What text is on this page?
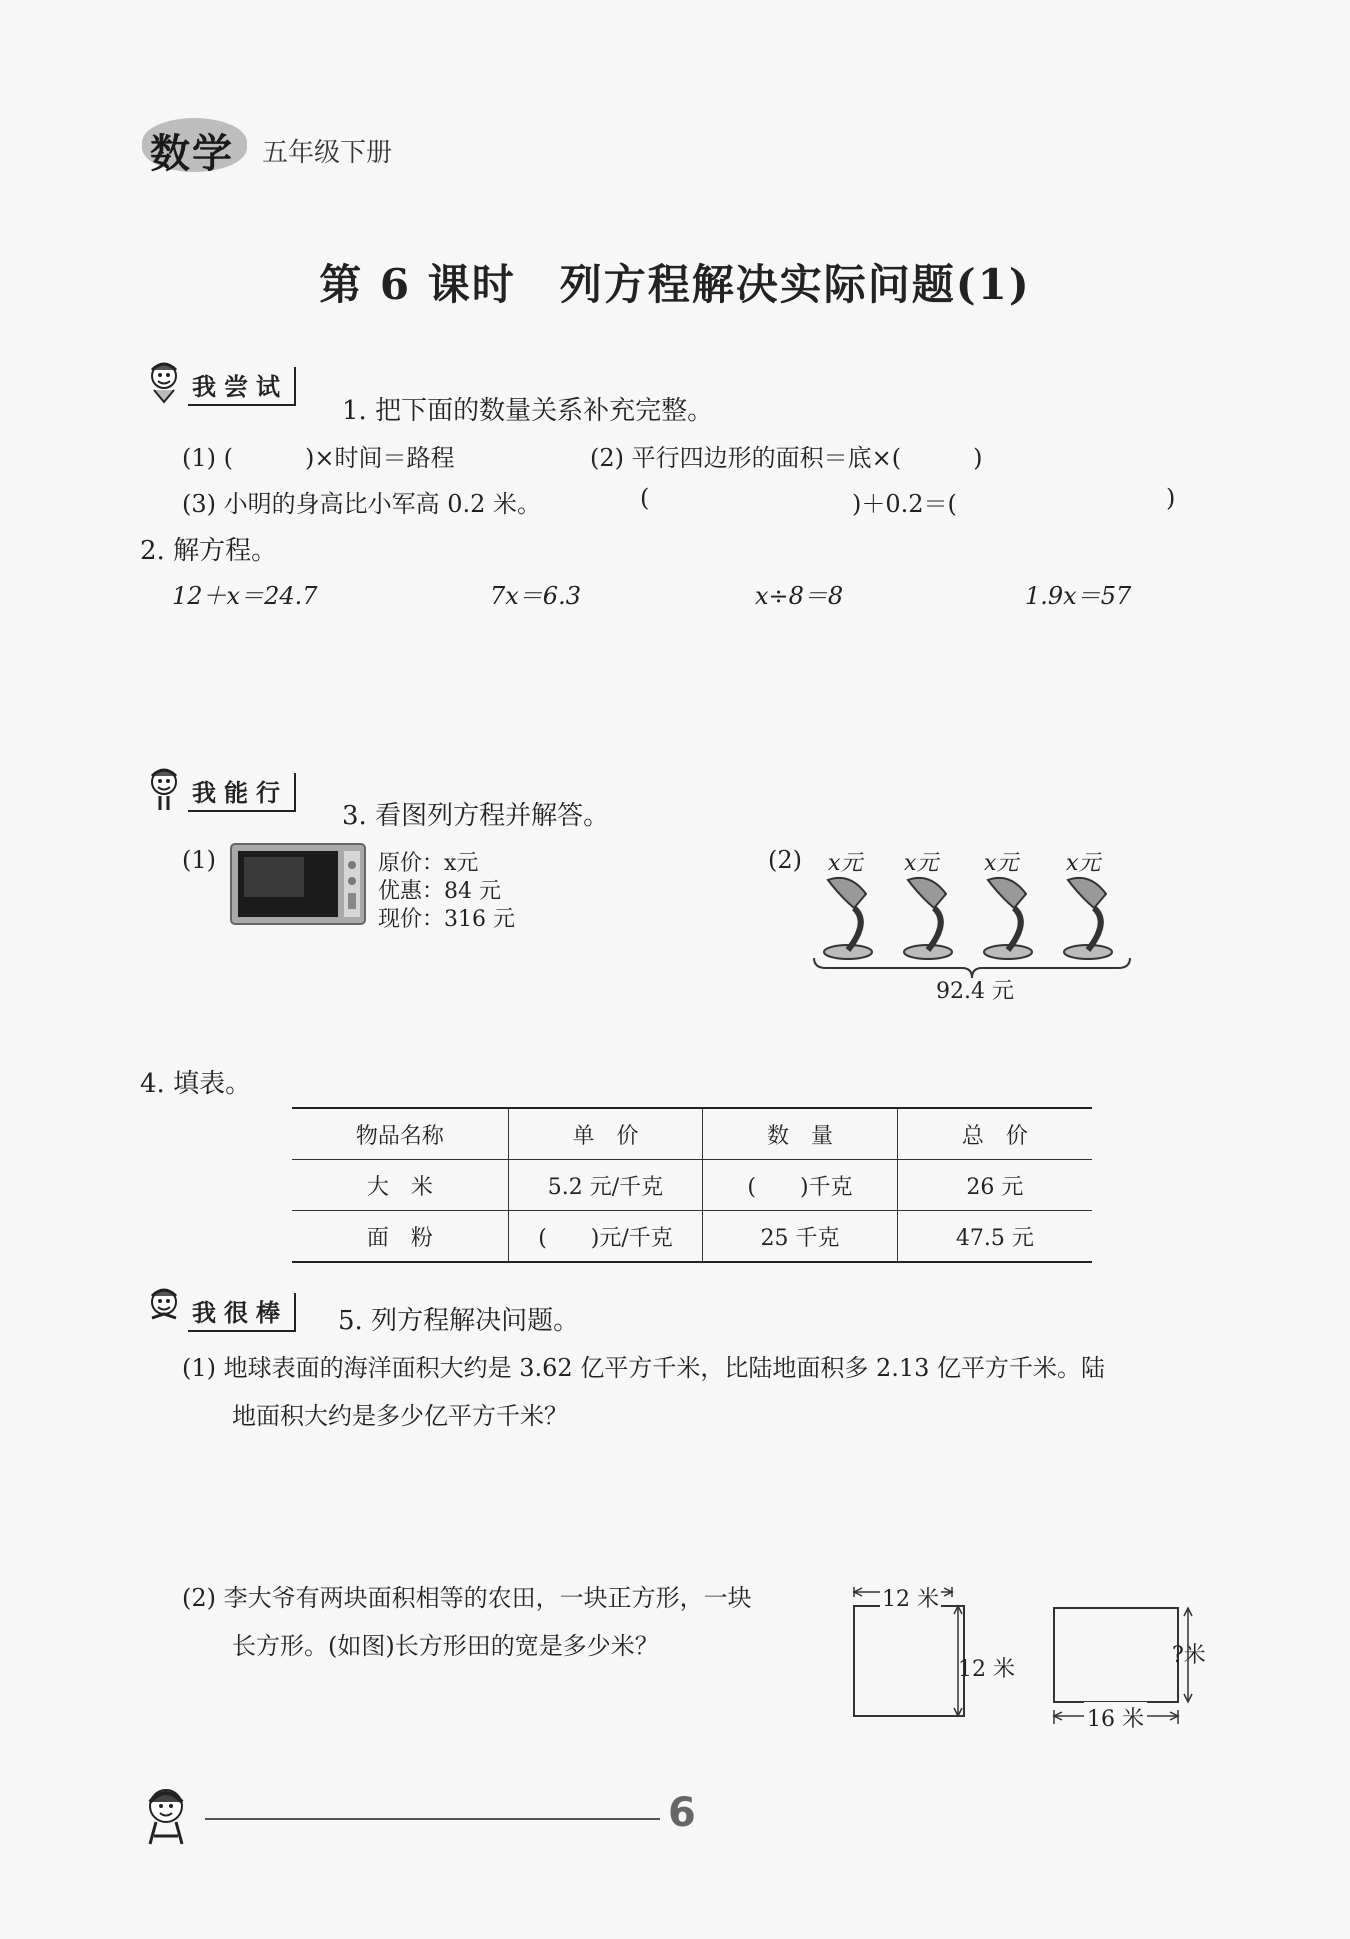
数学 五年级下册
第 6 课时　列方程解决实际问题(1)
我尝试
1. 把下面的数量关系补充完整。
(1) (　　　)×时间＝路程	(2) 平行四边形的面积＝底×(　　　)
(3) 小明的身高比小军高 0.2 米。	(	)＋0.2＝(	)
2. 解方程。
12＋x＝24.7	7x＝6.3	x÷8＝8	1.9x＝57
我能行
3. 看图列方程并解答。
(1)	原价：x元
优惠：84 元
现价：316 元
(2) x元 x元 x元 x元
92.4 元
4. 填表。
物品名称	单　价	数　量	总　价
大　米	5.2 元/千克	(　　)千克	26 元
面　粉	(　　)元/千克	25 千克	47.5 元
我很棒	5. 列方程解决问题。
(1) 地球表面的海洋面积大约是 3.62 亿平方千米，比陆地面积多 2.13 亿平方千米。陆
地面积大约是多少亿平方千米？
(2) 李大爷有两块面积相等的农田，一块正方形，一块
长方形。(如图)长方形田的宽是多少米？
12 米
12 米
?米
16 米
6
